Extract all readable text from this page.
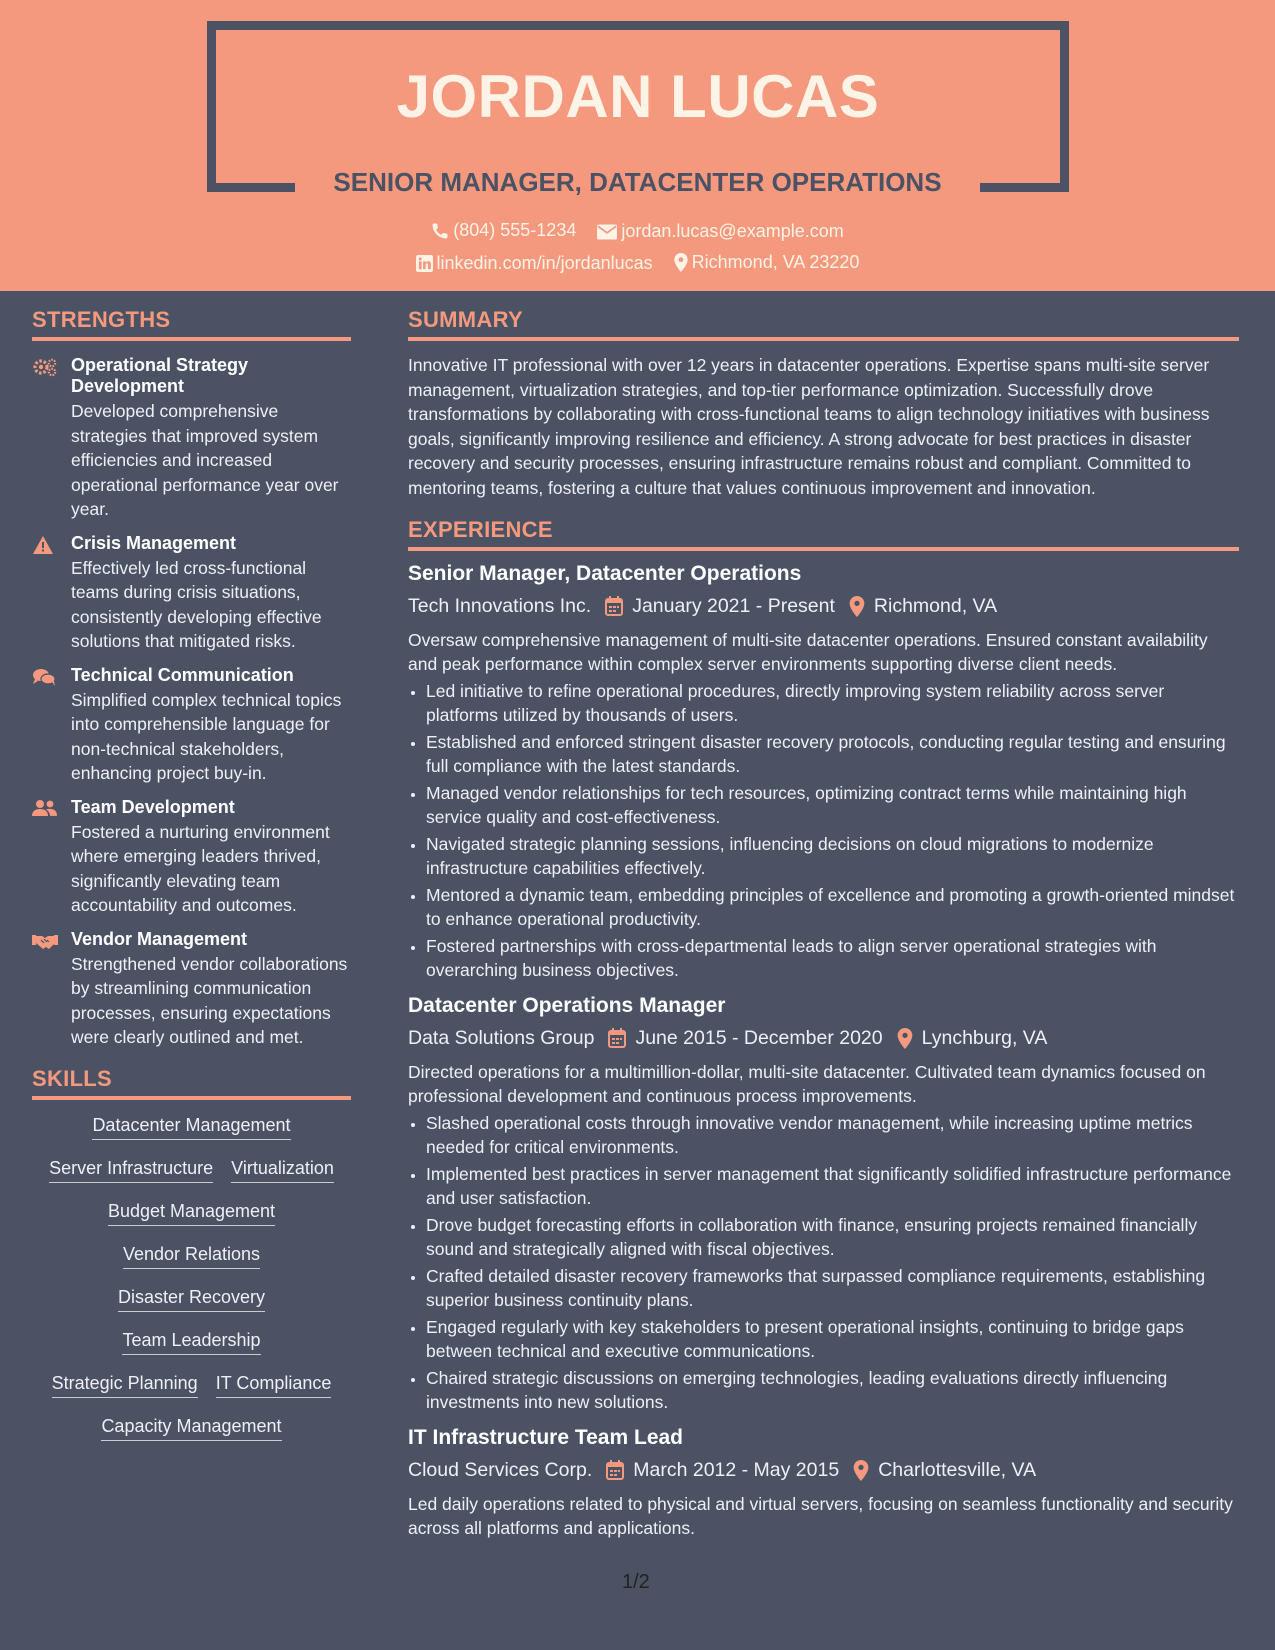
JORDAN LUCAS
SENIOR MANAGER, DATACENTER OPERATIONS
(804) 555-1234
	jordan.lucas@example.com
linkedin.com/in/jordanlucas
Richmond, VA 23220
STRENGTHS
Operational Strategy Development
Developed comprehensive strategies that improved system efficiencies and increased operational performance year over year.
Crisis Management
Effectively led cross-functional teams during crisis situations, consistently developing effective solutions that mitigated risks.
Technical Communication
Simplified complex technical topics into comprehensible language for non-technical stakeholders, enhancing project buy-in.
Team Development
Fostered a nurturing environment where emerging leaders thrived, significantly elevating team accountability and outcomes.
Vendor Management
Strengthened vendor collaborations by streamlining communication processes, ensuring expectations were clearly outlined and met.
SKILLS
Datacenter Management
Server Infrastructure Virtualization
Budget Management
Vendor Relations
Disaster Recovery
Team Leadership
Strategic Planning IT Compliance
Capacity Management
SUMMARY
Innovative IT professional with over 12 years in datacenter operations. Expertise spans multi-site server management, virtualization strategies, and top-tier performance optimization. Successfully drove transformations by collaborating with cross-functional teams to align technology initiatives with business goals, significantly improving resilience and efficiency. A strong advocate for best practices in disaster recovery and security processes, ensuring infrastructure remains robust and compliant. Committed to mentoring teams, fostering a culture that values continuous improvement and innovation.
EXPERIENCE
Senior Manager, Datacenter Operations
Tech Innovations Inc. January 2021 - Present Richmond, VA
Oversaw comprehensive management of multi-site datacenter operations. Ensured constant availability and peak performance within complex server environments supporting diverse client needs.
• Led initiative to refine operational procedures, directly improving system reliability across server platforms utilized by thousands of users.
• Established and enforced stringent disaster recovery protocols, conducting regular testing and ensuring full compliance with the latest standards.
• Managed vendor relationships for tech resources, optimizing contract terms while maintaining high service quality and cost-effectiveness.
• Navigated strategic planning sessions, influencing decisions on cloud migrations to modernize infrastructure capabilities effectively.
• Mentored a dynamic team, embedding principles of excellence and promoting a growth-oriented mindset to enhance operational productivity.
• Fostered partnerships with cross-departmental leads to align server operational strategies with overarching business objectives.
Datacenter Operations Manager
Data Solutions Group June 2015 - December 2020 Lynchburg, VA
Directed operations for a multimillion-dollar, multi-site datacenter. Cultivated team dynamics focused on professional development and continuous process improvements.
• Slashed operational costs through innovative vendor management, while increasing uptime metrics needed for critical environments.
• Implemented best practices in server management that significantly solidified infrastructure performance and user satisfaction.
• Drove budget forecasting efforts in collaboration with finance, ensuring projects remained financially sound and strategically aligned with fiscal objectives.
• Crafted detailed disaster recovery frameworks that surpassed compliance requirements, establishing superior business continuity plans.
• Engaged regularly with key stakeholders to present operational insights, continuing to bridge gaps between technical and executive communications.
• Chaired strategic discussions on emerging technologies, leading evaluations directly influencing investments into new solutions.
IT Infrastructure Team Lead
Cloud Services Corp. March 2012 - May 2015 Charlottesville, VA
Led daily operations related to physical and virtual servers, focusing on seamless functionality and security across all platforms and applications.
1/2
